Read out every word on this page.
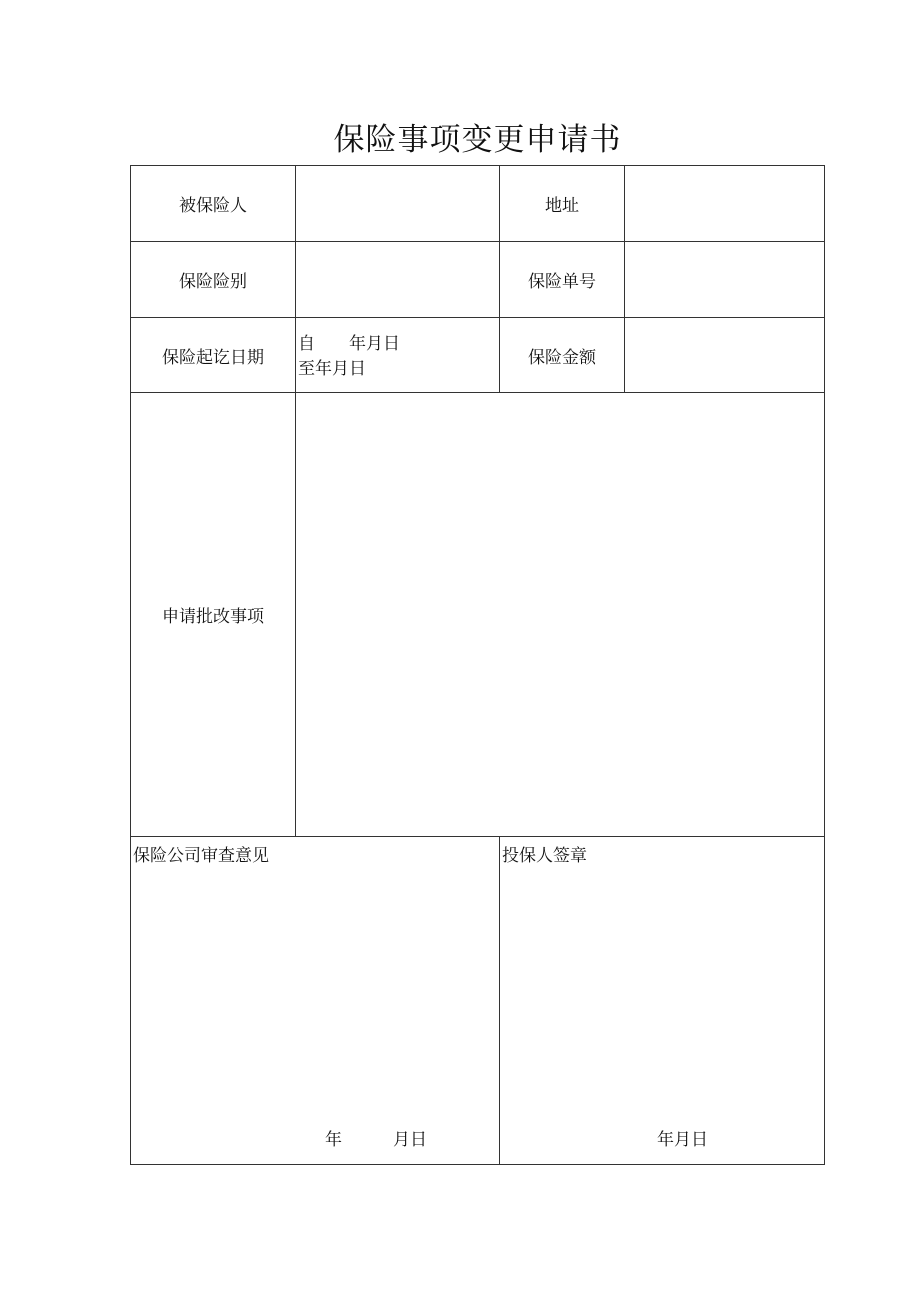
保险事项变更申请书
被保险人	地址
保险险别	保险单号
保险起讫日期
自　　年月日
至年月日
保险金额
申请批改事项
保险公司审查意见
年　　　月日
投保人签章
年月日
